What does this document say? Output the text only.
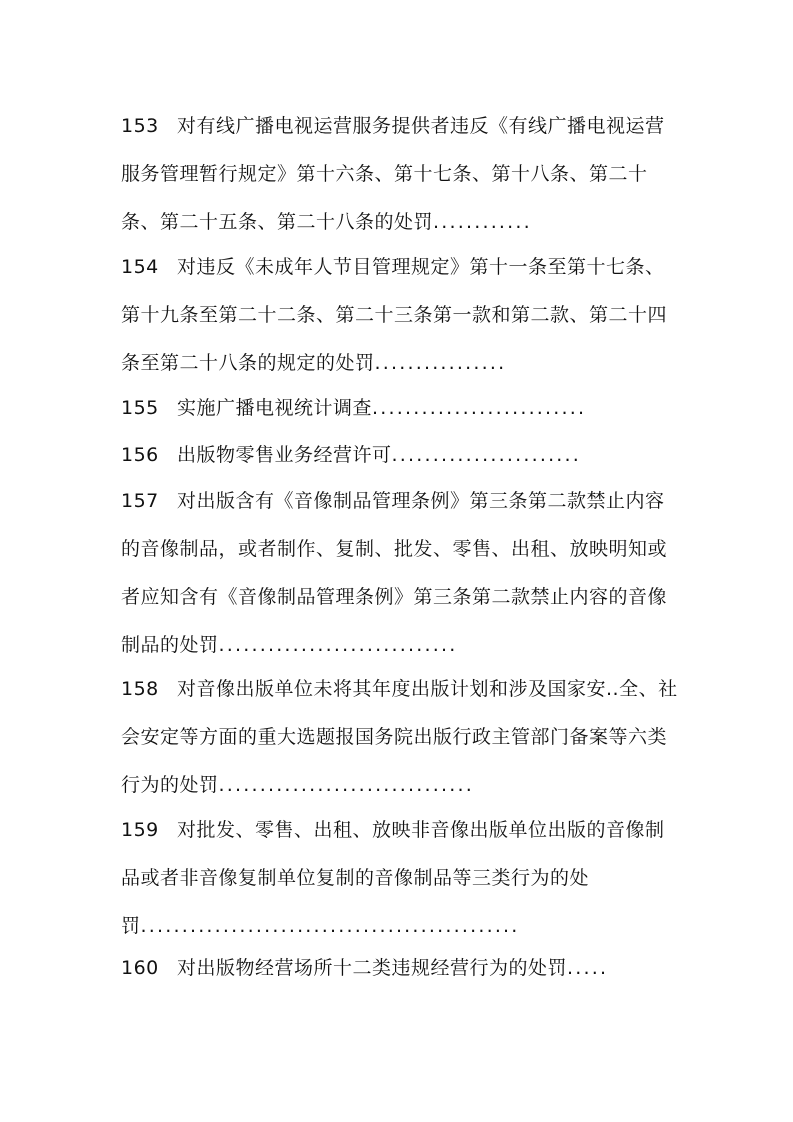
153 对有线广播电视运营服务提供者违反《有线广播电视运营服务管理暂行规定》第十六条、第十七条、第十八条、第二十条、第二十五条、第二十八条的处罚............

154 对违反《未成年人节目管理规定》第十一条至第十七条、第十九条至第二十二条、第二十三条第一款和第二款、第二十四条至第二十八条的规定的处罚................

155 实施广播电视统计调查..........................

156 出版物零售业务经营许可.......................

157 对出版含有《音像制品管理条例》第三条第二款禁止内容的音像制品，或者制作、复制、批发、零售、出租、放映明知或者应知含有《音像制品管理条例》第三条第二款禁止内容的音像制品的处罚.............................

158 对音像出版单位未将其年度出版计划和涉及国家安..全、社会安定等方面的重大选题报国务院出版行政主管部门备案等六类行为的处罚...............................

159 对批发、零售、出租、放映非音像出版单位出版的音像制品或者非音像复制单位复制的音像制品等三类行为的处罚..............................................

160 对出版物经营场所十二类违规经营行为的处罚.....
